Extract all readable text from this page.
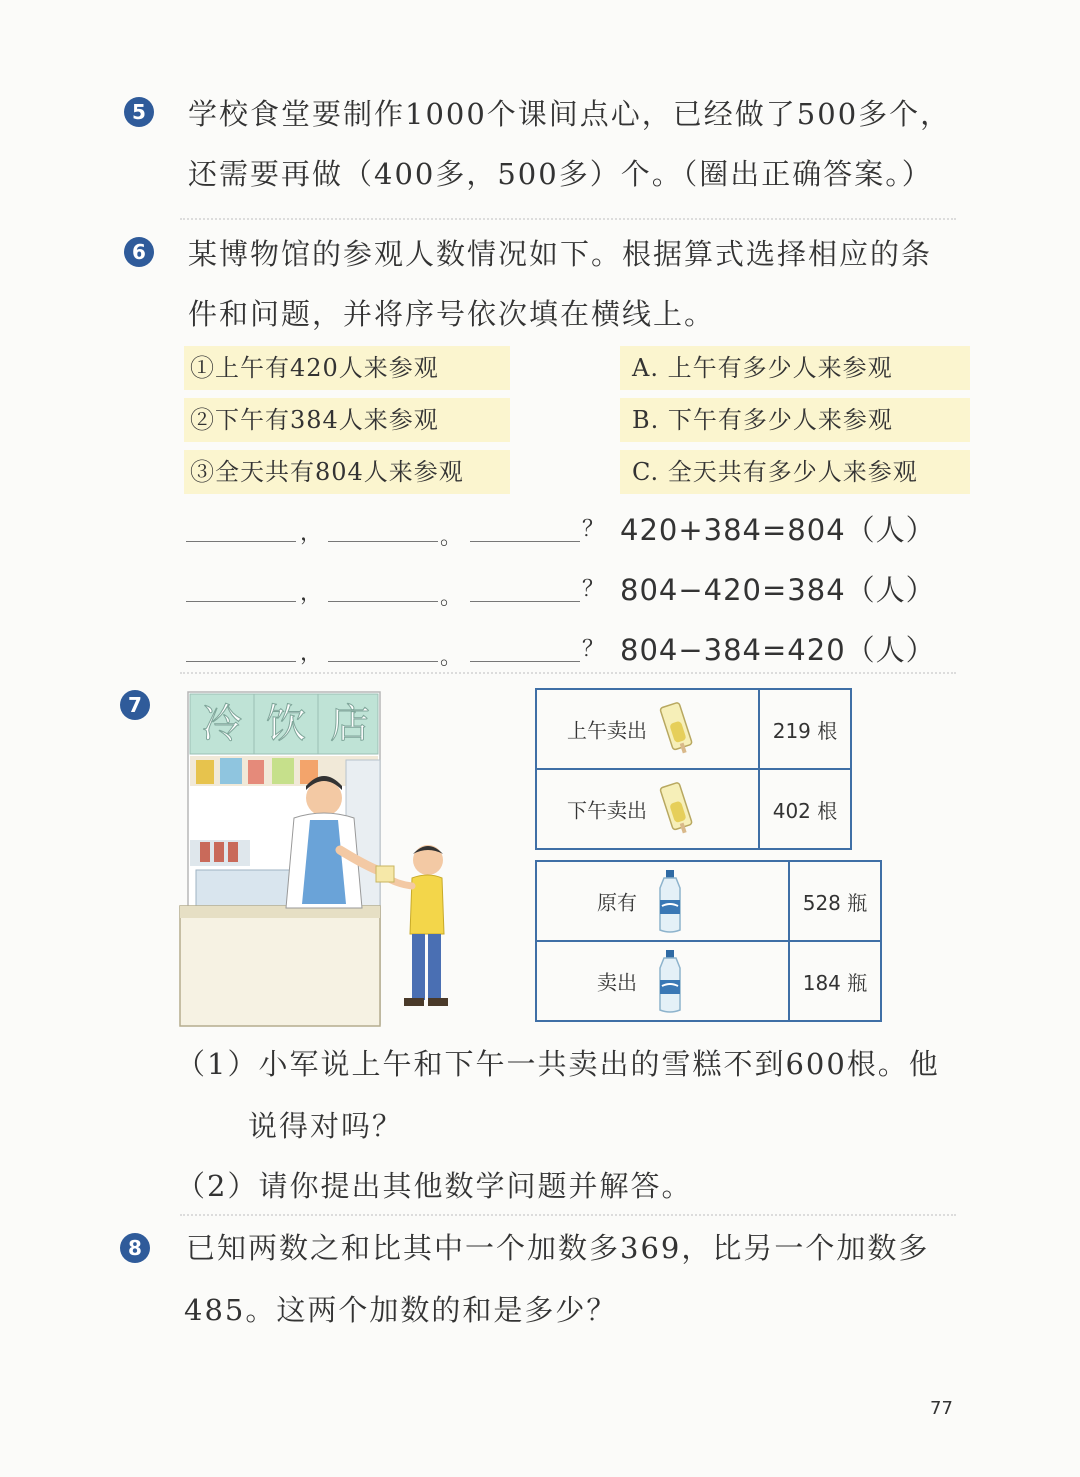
5 学校食堂要制作1000个课间点心，已经做了500多个，
还需要再做（400多，500多）个。（圈出正确答案。）
6 某博物馆的参观人数情况如下。根据算式选择相应的条
件和问题，并将序号依次填在横线上。
①上午有420人来参观
②下午有384人来参观
③全天共有804人来参观
A. 上午有多少人来参观
B. 下午有多少人来参观
C. 全天共有多少人来参观
，	。	？ 420+384=804（人）
，	。	？ 804−420=384（人）
，	。	？ 804−384=420（人）
7	冷 饮 店	上午卖出	219 根
下午卖出	402 根
原有	528 瓶
卖出	184 瓶
（1）小军说上午和下午一共卖出的雪糕不到600根。他
说得对吗？
（2）请你提出其他数学问题并解答。
8 已知两数之和比其中一个加数多369，比另一个加数多
485。这两个加数的和是多少？
77
